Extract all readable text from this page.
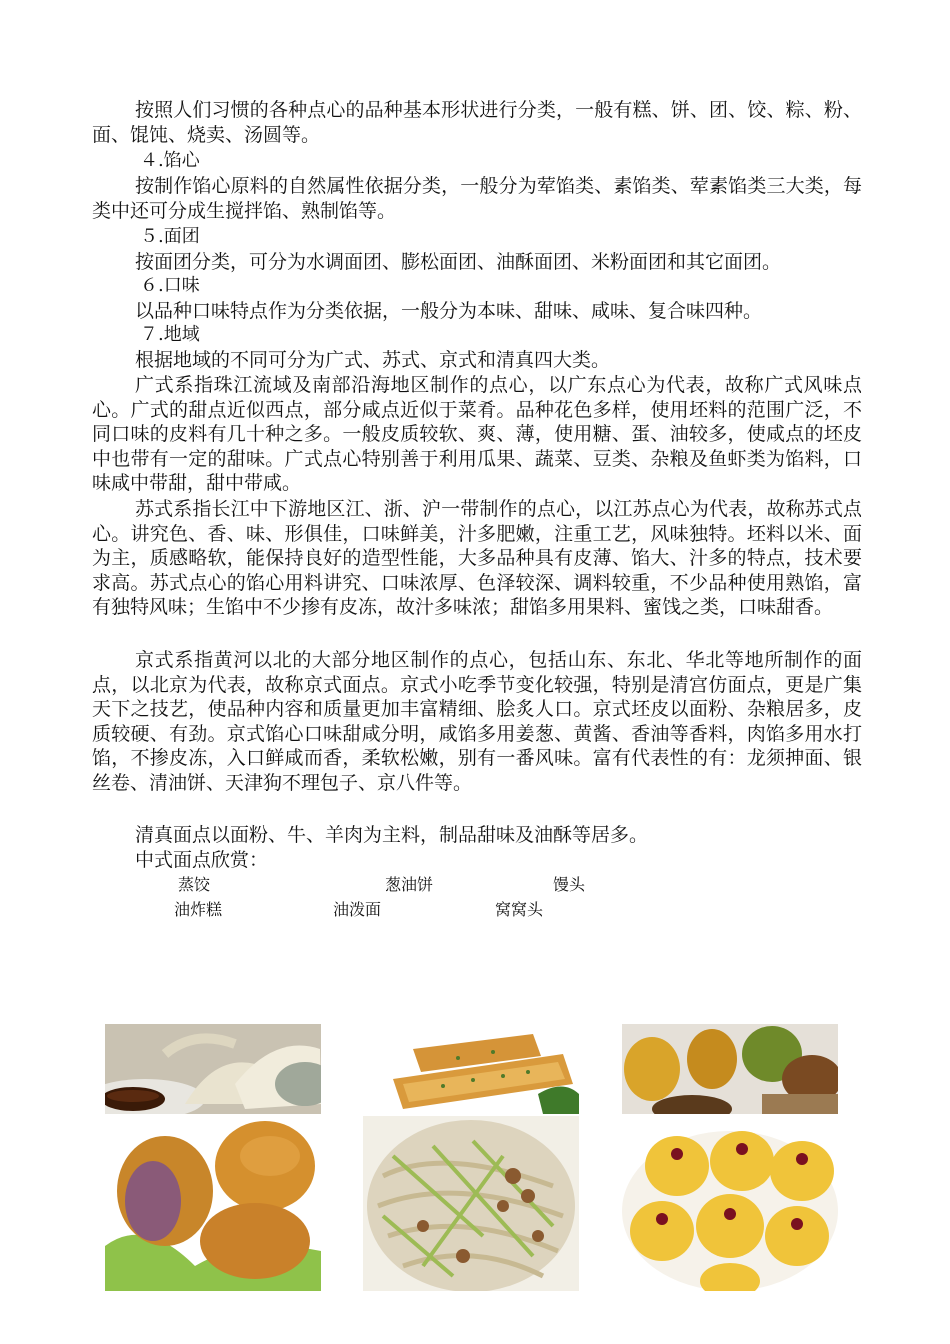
按照人们习惯的各种点心的品种基本形状进行分类，一般有糕、饼、团、饺、粽、粉、面、馄饨、烧卖、汤圆等。
４.馅心
按制作馅心原料的自然属性依据分类，一般分为荤馅类、素馅类、荤素馅类三大类，每类中还可分成生搅拌馅、熟制馅等。
５.面团
按面团分类，可分为水调面团、膨松面团、油酥面团、米粉面团和其它面团。
６.口味
以品种口味特点作为分类依据，一般分为本味、甜味、咸味、复合味四种。
７.地域
根据地域的不同可分为广式、苏式、京式和清真四大类。
广式系指珠江流域及南部沿海地区制作的点心，以广东点心为代表，故称广式风味点心。广式的甜点近似西点，部分咸点近似于菜肴。品种花色多样，使用坯料的范围广泛，不同口味的皮料有几十种之多。一般皮质较软、爽、薄，使用糖、蛋、油较多，使咸点的坯皮中也带有一定的甜味。广式点心特别善于利用瓜果、蔬菜、豆类、杂粮及鱼虾类为馅料，口味咸中带甜，甜中带咸。
苏式系指长江中下游地区江、浙、沪一带制作的点心，以江苏点心为代表，故称苏式点心。讲究色、香、味、形俱佳，口味鲜美，汁多肥嫩，注重工艺，风味独特。坯料以米、面为主，质感略软，能保持良好的造型性能，大多品种具有皮薄、馅大、汁多的特点，技术要求高。苏式点心的馅心用料讲究、口味浓厚、色泽较深、调料较重，不少品种使用熟馅，富有独特风味；生馅中不少掺有皮冻，故汁多味浓；甜馅多用果料、蜜饯之类，口味甜香。
京式系指黄河以北的大部分地区制作的点心，包括山东、东北、华北等地所制作的面点，以北京为代表，故称京式面点。京式小吃季节变化较强，特别是清宫仿面点，更是广集天下之技艺，使品种内容和质量更加丰富精细、脍炙人口。京式坯皮以面粉、杂粮居多，皮质较硬、有劲。京式馅心口味甜咸分明，咸馅多用姜葱、黄酱、香油等香料，肉馅多用水打馅，不掺皮冻，入口鲜咸而香，柔软松嫩，别有一番风味。富有代表性的有：龙须抻面、银丝卷、清油饼、天津狗不理包子、京八件等。
清真面点以面粉、牛、羊肉为主料，制品甜味及油酥等居多。
中式面点欣赏：
蒸饺	葱油饼	馒头
油炸糕	油泼面	窝窝头
